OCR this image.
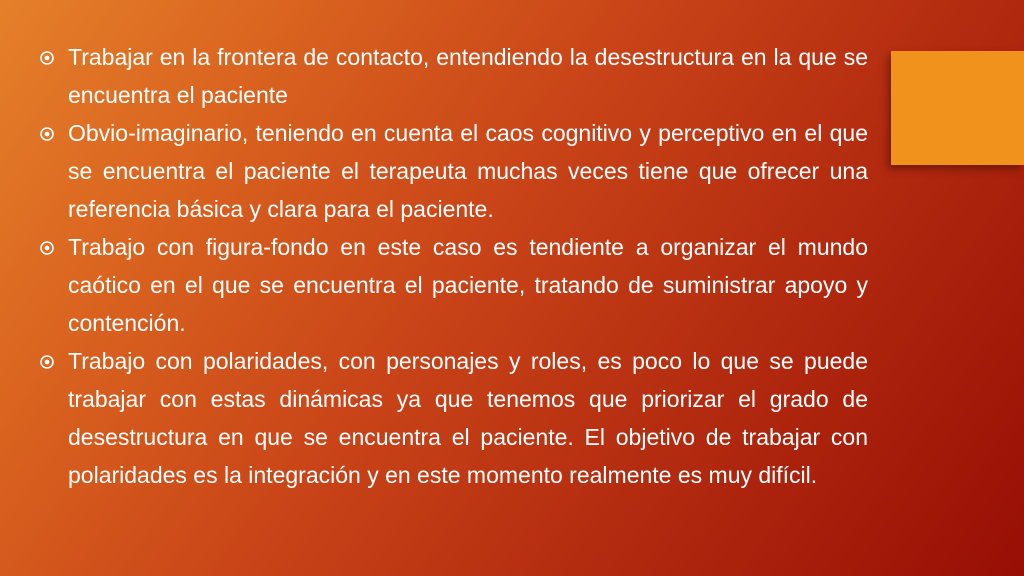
Trabajar en la frontera de contacto, entendiendo la desestructura en la que se encuentra el paciente
Obvio-imaginario, teniendo en cuenta el caos cognitivo y perceptivo en el que se encuentra el paciente el terapeuta muchas veces tiene que ofrecer una referencia básica y clara para el paciente.
Trabajo con figura-fondo en este caso es tendiente a organizar el mundo caótico en el que se encuentra el paciente, tratando de suministrar apoyo y contención.
Trabajo con polaridades, con personajes y roles, es poco lo que se puede trabajar con estas dinámicas ya que tenemos que priorizar el grado de desestructura en que se encuentra el paciente. El objetivo de trabajar con polaridades es la integración y en este momento realmente es muy difícil.
